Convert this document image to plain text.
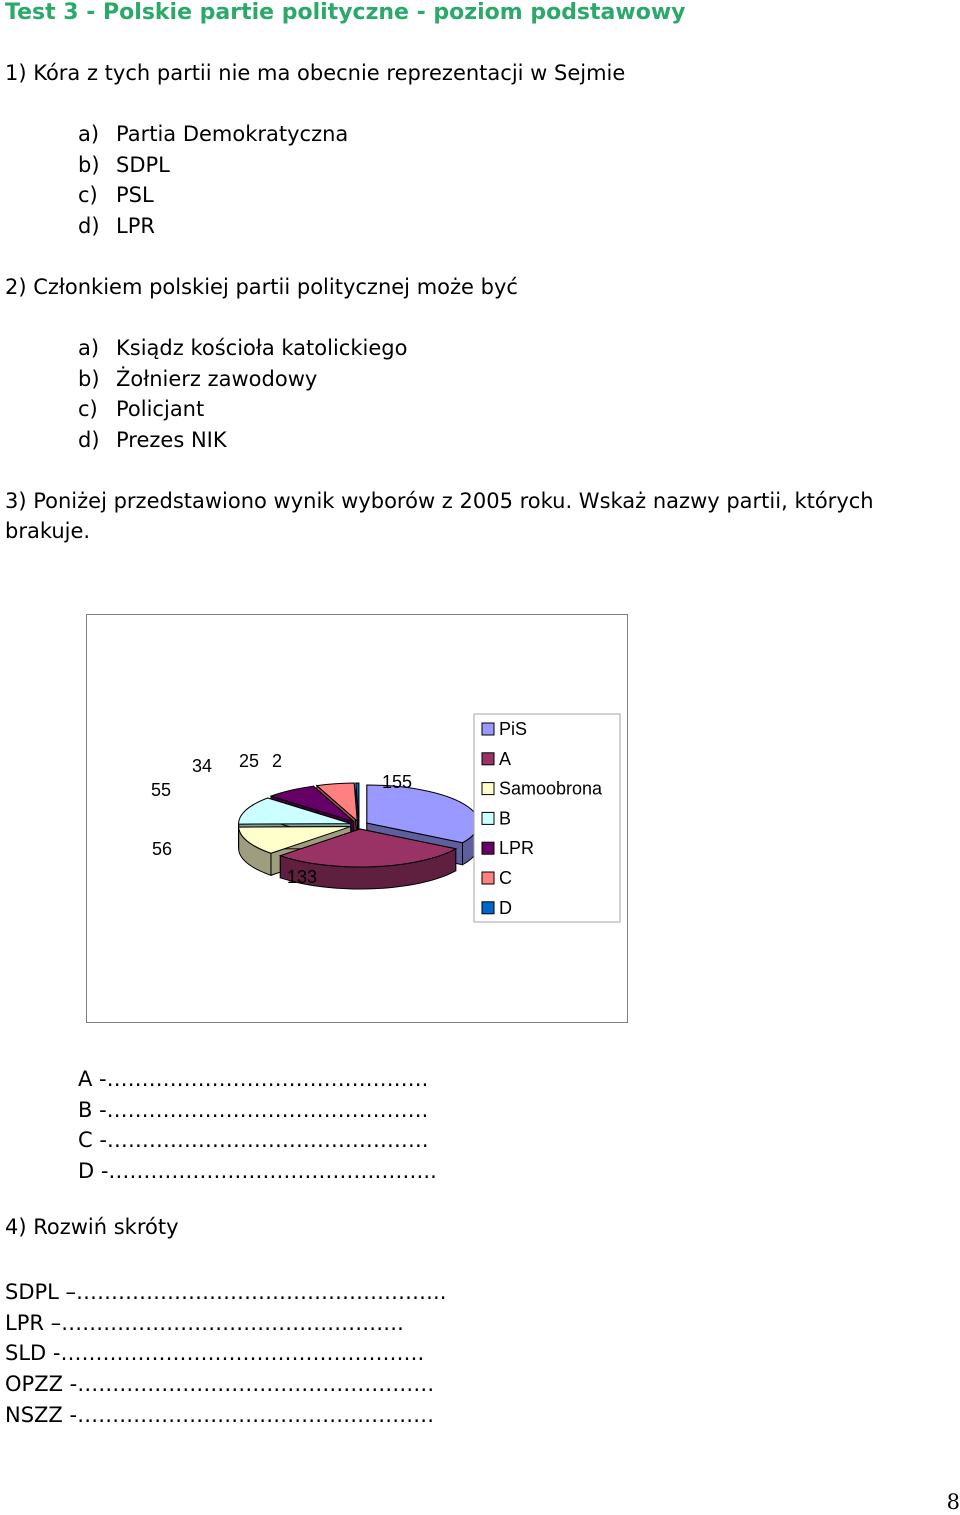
Test 3 - Polskie partie polityczne - poziom podstawowy
1) Kóra z tych partii nie ma obecnie reprezentacji w Sejmie
a) Partia Demokratyczna
b) SDPL
c) PSL
d) LPR
2) Członkiem polskiej partii politycznej może być
a) Ksiądz kościoła katolickiego
b) Żołnierz zawodowy
c) Policjant
d) Prezes NIK
3) Poniżej przedstawiono wynik wyborów z 2005 roku. Wskaż nazwy partii, których brakuje.
155
133
56
55
34 25 2
PiS
A
Samoobrona
B
LPR
C
D
A -……………………………………….
B -……………………………………….
C -……………………………………….
D -………………………………………..
4) Rozwiń skróty
SDPL –……………………………………………..
LPR –………………………………………….
SLD -…………………………………………….
OPZZ -……………………………………………
NSZZ -……………………………………………
8
